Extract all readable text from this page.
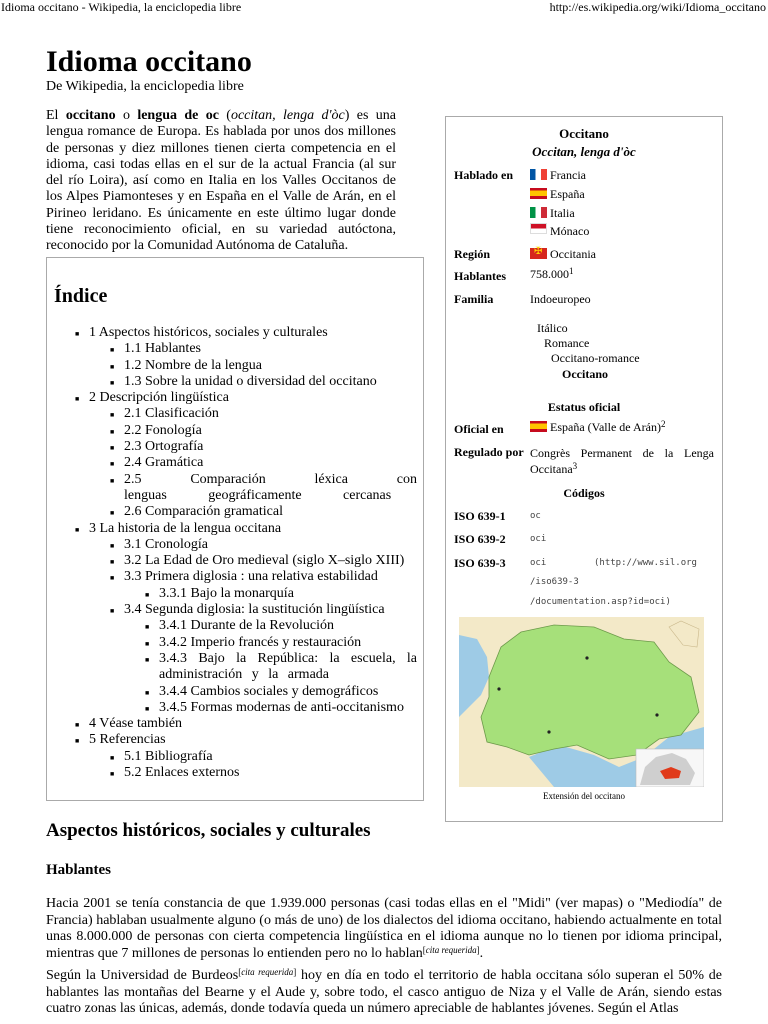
Idioma occitano - Wikipedia, la enciclopedia libre	http://es.wikipedia.org/wiki/Idioma_occitano
Idioma occitano
De Wikipedia, la enciclopedia libre
El occitano o lengua de oc (occitan, lenga d'òc) es una lengua romance de Europa. Es hablada por unos dos millones de personas y diez millones tienen cierta competencia en el idioma, casi todas ellas en el sur de la actual Francia (al sur del río Loira), así como en Italia en los Valles Occitanos de los Alpes Piamonteses y en España en el Valle de Arán, en el Pirineo leridano. Es únicamente en este último lugar donde tiene reconocimiento oficial, en su variedad autóctona, reconocido por la Comunidad Autónoma de Cataluña.
Índice
■ 1 Aspectos históricos, sociales y culturales
■ 1.1 Hablantes
■ 1.2 Nombre de la lengua
■ 1.3 Sobre la unidad o diversidad del occitano
■ 2 Descripción lingüística
■ 2.1 Clasificación
■ 2.2 Fonología
■ 2.3 Ortografía
■ 2.4 Gramática
■ 2.5 Comparación léxica con lenguas geográficamente cercanas
■ 2.6 Comparación gramatical
■ 3 La historia de la lengua occitana
■ 3.1 Cronología
■ 3.2 La Edad de Oro medieval (siglo X–siglo XIII)
■ 3.3 Primera diglosia : una relativa estabilidad
■ 3.3.1 Bajo la monarquía
■ 3.4 Segunda diglosia: la sustitución lingüística
■ 3.4.1 Durante de la Revolución
■ 3.4.2 Imperio francés y restauración
■ 3.4.3 Bajo la República: la escuela, la administración y la armada
■ 3.4.4 Cambios sociales y demográficos
■ 3.4.5 Formas modernas de anti-occitanismo
■ 4 Véase también
■ 5 Referencias
■ 5.1 Bibliografía
■ 5.2 Enlaces externos
Occitano
Occitan, lenga d'òc
Hablado en	Francia
España
Italia
Mónaco
Región
✠	Occitania
Hablantes 758.000$^1$
Familia	Indoeuropeo
Itálico
Romance
Occitano-romance
Occitano
Estatus oficial
Oficial en	España (Valle de Arán)$^2$
Regulado por Congrès Permanent de la Lenga Occitana$^3$
Códigos
ISO 639-1	oc
ISO 639-2	oci
ISO 639-3	oci	(http://www.sil.org
/iso639-3
/documentation.asp?id=oci)
Extensión del occitano
Aspectos históricos, sociales y culturales
Hablantes
Hacia 2001 se tenía constancia de que 1.939.000 personas (casi todas ellas en el "Midi" (ver mapas) o "Mediodía" de Francia) hablaban usualmente alguno (o más de uno) de los dialectos del idioma occitano, habiendo actualmente en total unas 8.000.000 de personas con cierta competencia lingüística en el idioma aunque no lo tienen por idioma principal, mientras que 7 millones de personas lo entienden pero no lo hablan[cita requerida].
Según la Universidad de Burdeos[cita requerida] hoy en día en todo el territorio de habla occitana sólo superan el 50% de hablantes las montañas del Bearne y el Aude y, sobre todo, el casco antiguo de Niza y el Valle de Arán, siendo estas cuatro zonas las únicas, además, donde todavía queda un número apreciable de hablantes jóvenes. Según el Atlas
